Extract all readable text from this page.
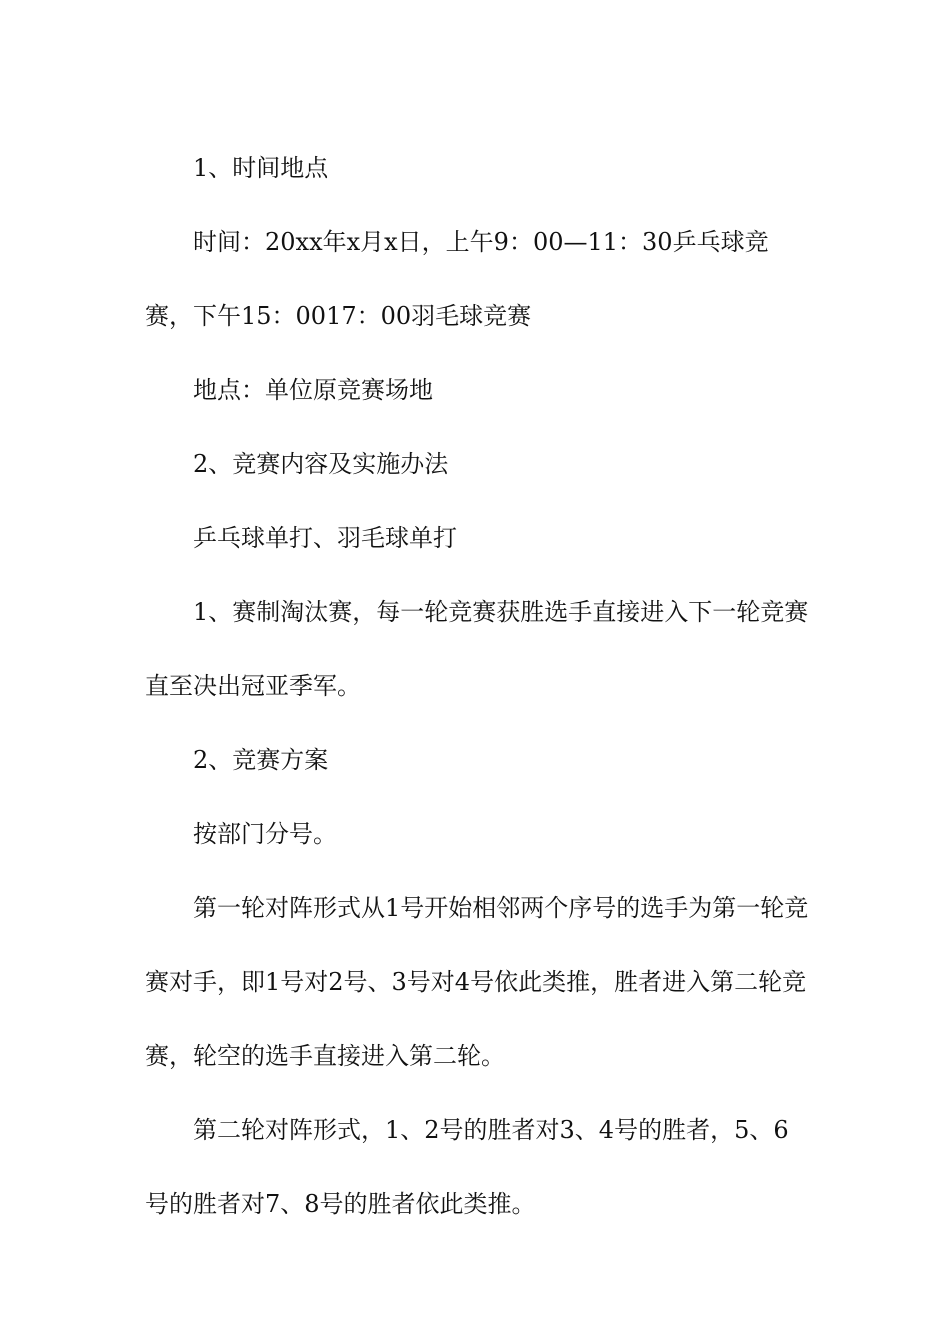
1、时间地点

时间：20xx年x月x日，上午9：00—11：30乒乓球竞赛，下午15：0017：00羽毛球竞赛

地点：单位原竞赛场地

2、竞赛内容及实施办法

乒乓球单打、羽毛球单打

1、赛制淘汰赛，每一轮竞赛获胜选手直接进入下一轮竞赛直至决出冠亚季军。

2、竞赛方案

按部门分号。

第一轮对阵形式从1号开始相邻两个序号的选手为第一轮竞赛对手，即1号对2号、3号对4号依此类推，胜者进入第二轮竞赛，轮空的选手直接进入第二轮。

第二轮对阵形式，1、2号的胜者对3、4号的胜者，5、6号的胜者对7、8号的胜者依此类推。
